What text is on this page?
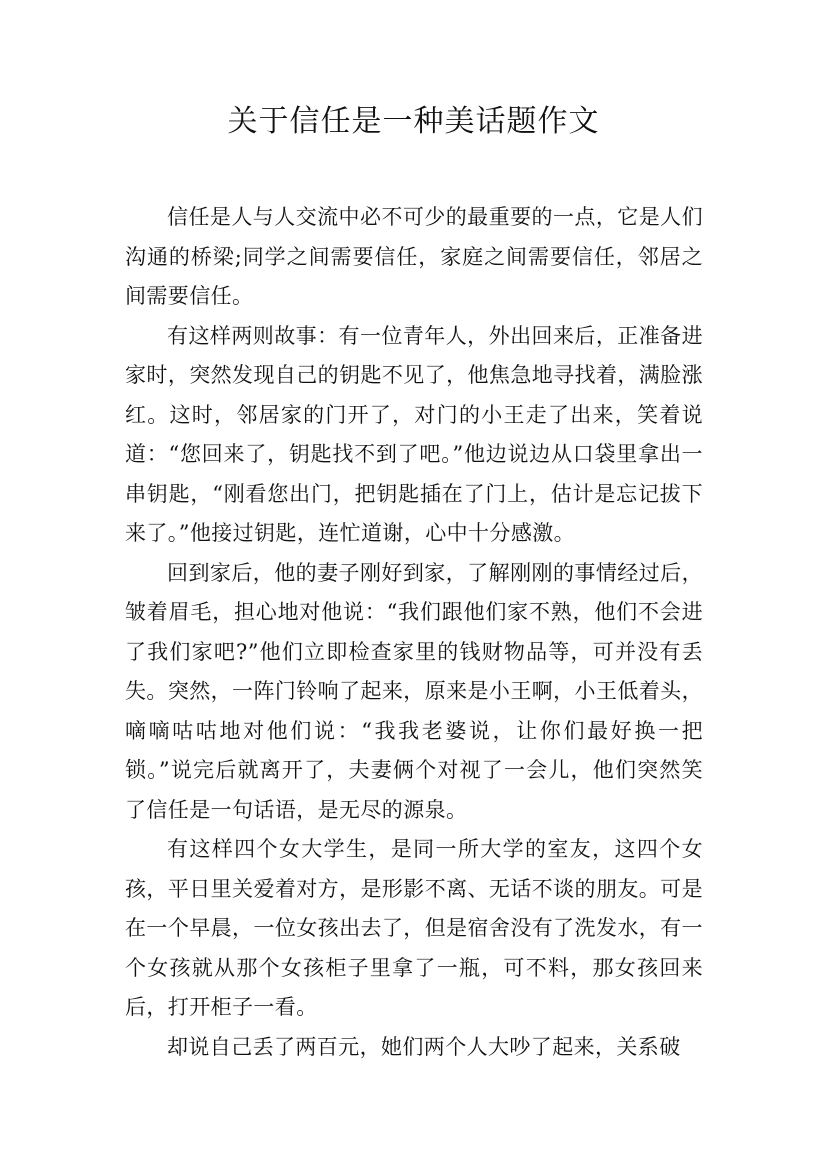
关于信任是一种美话题作文

信任是人与人交流中必不可少的最重要的一点，它是人们沟通的桥梁;同学之间需要信任，家庭之间需要信任，邻居之间需要信任。

有这样两则故事：有一位青年人，外出回来后，正准备进家时，突然发现自己的钥匙不见了，他焦急地寻找着，满脸涨红。这时，邻居家的门开了，对门的小王走了出来，笑着说道：“您回来了，钥匙找不到了吧。”他边说边从口袋里拿出一串钥匙，“刚看您出门，把钥匙插在了门上，估计是忘记拔下来了。”他接过钥匙，连忙道谢，心中十分感激。

回到家后，他的妻子刚好到家，了解刚刚的事情经过后，皱着眉毛，担心地对他说：“我们跟他们家不熟，他们不会进了我们家吧?”他们立即检查家里的钱财物品等，可并没有丢失。突然，一阵门铃响了起来，原来是小王啊，小王低着头，嘀嘀咕咕地对他们说：“我我老婆说，让你们最好换一把锁。”说完后就离开了，夫妻俩个对视了一会儿，他们突然笑了信任是一句话语，是无尽的源泉。

有这样四个女大学生，是同一所大学的室友，这四个女孩，平日里关爱着对方，是形影不离、无话不谈的朋友。可是在一个早晨，一位女孩出去了，但是宿舍没有了洗发水，有一个女孩就从那个女孩柜子里拿了一瓶，可不料，那女孩回来后，打开柜子一看。

却说自己丢了两百元，她们两个人大吵了起来，关系破
